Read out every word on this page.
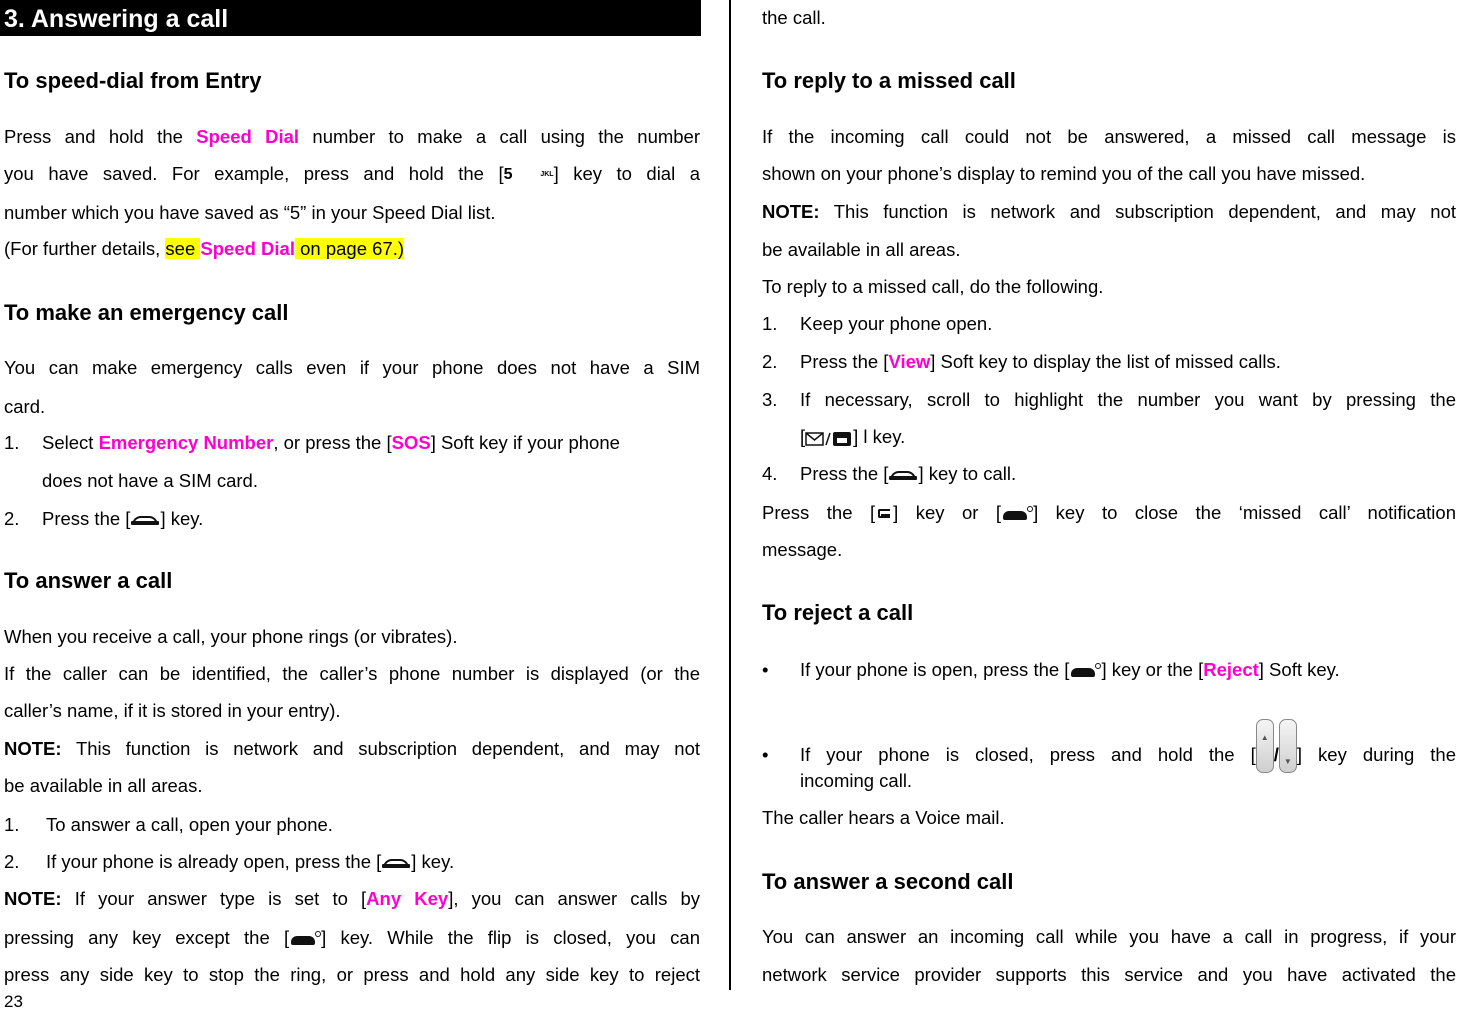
3. Answering a call
To speed-dial from Entry

Press and hold the Speed Dial number to make a call using the number

you have saved. For example, press and hold the [5	$^{JKL}$] key to dial a

number which you have saved as “5” in your Speed Dial list.

(For further details, see Speed Dial on page 67.)

To make an emergency call

You can make emergency calls even if your phone does not have a SIM

card.

1. Select Emergency Number, or press the [SOS] Soft key if your phone

does not have a SIM card.

2. Press the [ ] key.

To answer a call

When you receive a call, your phone rings (or vibrates).

If the caller can be identified, the caller’s phone number is displayed (or the

caller’s name, if it is stored in your entry).

NOTE: This function is network and subscription dependent, and may not

be available in all areas.

1. To answer a call, open your phone.

2. If your phone is already open, press the [ ] key.

NOTE: If your answer type is set to [Any Key], you can answer calls by

pressing any key except the [ ] key. While the flip is closed, you can

press any side key to stop the ring, or press and hold any side key to reject

23

the call.

To reply to a missed call

If the incoming call could not be answered, a missed call message is

shown on your phone’s display to remind you of the call you have missed.

NOTE: This function is network and subscription dependent, and may not

be available in all areas.

To reply to a missed call, do the following.

1. Keep your phone open.

2. Press the [View] Soft key to display the list of missed calls.

3. If necessary, scroll to highlight the number you want by pressing the

[	] l key.

4. Press the [ ] key to call.

Press the [ ] key or [ ] key to close the ‘missed call’ notification

message.

To reject a call

• If your phone is open, press the [ ] key or the [Reject] Soft key.

• If your phone is closed, press and hold the [
▲
/ ▼ ] key during the

incoming call.

The caller hears a Voice mail.

To answer a second call

You can answer an incoming call while you have a call in progress, if your

network service provider supports this service and you have activated the
